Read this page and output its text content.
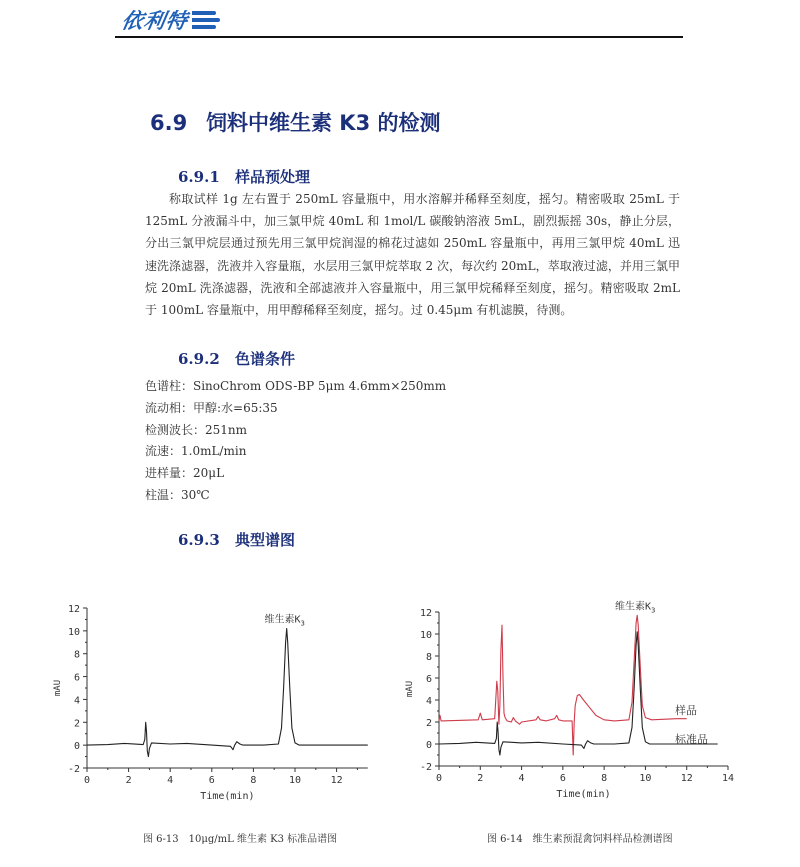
依利特
6.9 饲料中维生素 K3 的检测
6.9.1 样品预处理
称取试样 1g 左右置于 250mL 容量瓶中，用水溶解并稀释至刻度，摇匀。精密吸取 25mL 于 125mL 分液漏斗中，加三氯甲烷 40mL 和 1mol/L 碳酸钠溶液 5mL，剧烈振摇 30s，静止分层，分出三氯甲烷层通过预先用三氯甲烷润湿的棉花过滤如 250mL 容量瓶中，再用三氯甲烷 40mL 迅速洗涤滤器，洗液并入容量瓶，水层用三氯甲烷萃取 2 次，每次约 20mL，萃取液过滤，并用三氯甲烷 20mL 洗涤滤器，洗液和全部滤液并入容量瓶中，用三氯甲烷稀释至刻度，摇匀。精密吸取 2mL 于 100mL 容量瓶中，用甲醇稀释至刻度，摇匀。过 0.45μm 有机滤膜，待测。
6.9.2 色谱条件
色谱柱：SinoChrom ODS-BP 5μm 4.6mm×250mm
流动相：甲醇:水=65:35
检测波长：251nm
流速：1.0mL/min
进样量：20μL
柱温：30℃
6.9.3 典型谱图
-2
0
2
4
6
8
10
12
0	2	4	6	8	10	12
Time(min)
mAU
维生素$K_3$
-2
0
2
4
6
8
10
12
0	2	4	6	8	10	12	14
Time(min)
mAU
维生素$K_3$
样品
标准品
图 6-13　10μg/mL 维生素 K3 标准品谱图	图 6-14　维生素预混禽饲料样品检测谱图
